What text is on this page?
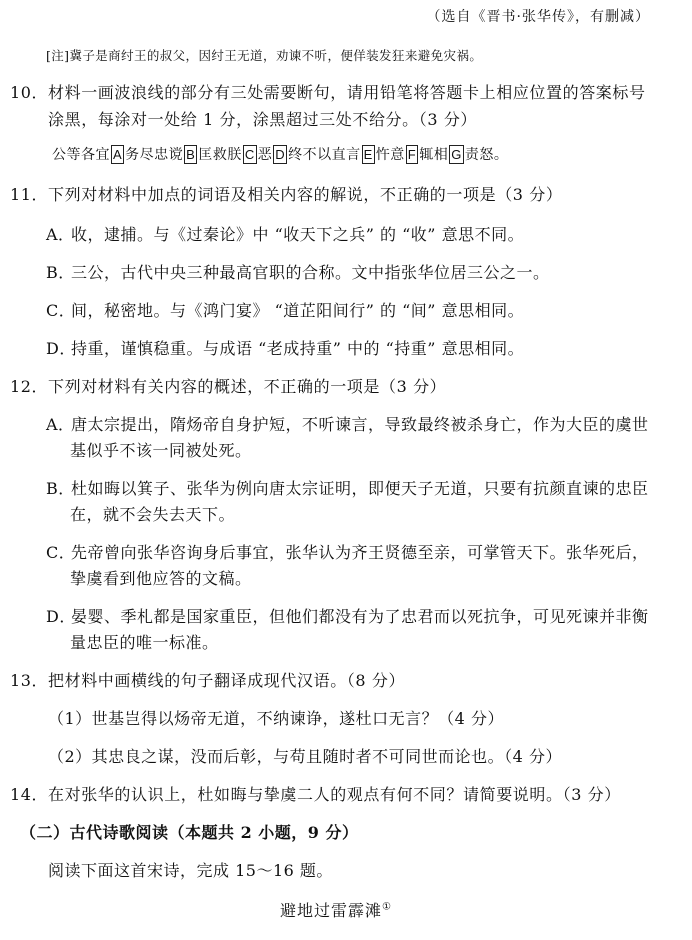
（选自《晋书·张华传》，有删减）
[注]冀子是商纣王的叔父，因纣王无道，劝谏不听，便佯装发狂来避免灾祸。
10．材料一画波浪线的部分有三处需要断句，请用铅笔将答题卡上相应位置的答案标号
涂黑，每涂对一处给 1 分，涂黑超过三处不给分。（3 分）
公等各宜 A 务尽忠谠 B 匡救朕 C 恶 D 终不以直言 E 忤意 F 辄相 G 责怒。
11．下列对材料中加点的词语及相关内容的解说，不正确的一项是（3 分）
A．收，逮捕。与《过秦论》中 “收天下之兵” 的 “收” 意思不同。
B．三公，古代中央三种最高官职的合称。文中指张华位居三公之一。
C．间，秘密地。与《鸿门宴》 “道芷阳间行” 的 “间” 意思相同。
D．持重，谨慎稳重。与成语 “老成持重” 中的 “持重” 意思相同。
12．下列对材料有关内容的概述，不正确的一项是（3 分）
A．唐太宗提出，隋炀帝自身护短，不听谏言，导致最终被杀身亡，作为大臣的虞世
基似乎不该一同被处死。
B．杜如晦以箕子、张华为例向唐太宗证明，即便天子无道，只要有抗颜直谏的忠臣
在，就不会失去天下。
C．先帝曾向张华咨询身后事宜，张华认为齐王贤德至亲，可掌管天下。张华死后，
挚虞看到他应答的文稿。
D．晏婴、季札都是国家重臣，但他们都没有为了忠君而以死抗争，可见死谏并非衡
量忠臣的唯一标准。
13．把材料中画横线的句子翻译成现代汉语。（8 分）
（1）世基岂得以炀帝无道，不纳谏诤，遂杜口无言？（4 分）
（2）其忠良之谋，没而后彰，与苟且随时者不可同世而论也。（4 分）
14．在对张华的认识上，杜如晦与挚虞二人的观点有何不同？请简要说明。（3 分）
（二）古代诗歌阅读（本题共 2 小题，9 分）
阅读下面这首宋诗，完成 15～16 题。
避地过雷霹滩①
